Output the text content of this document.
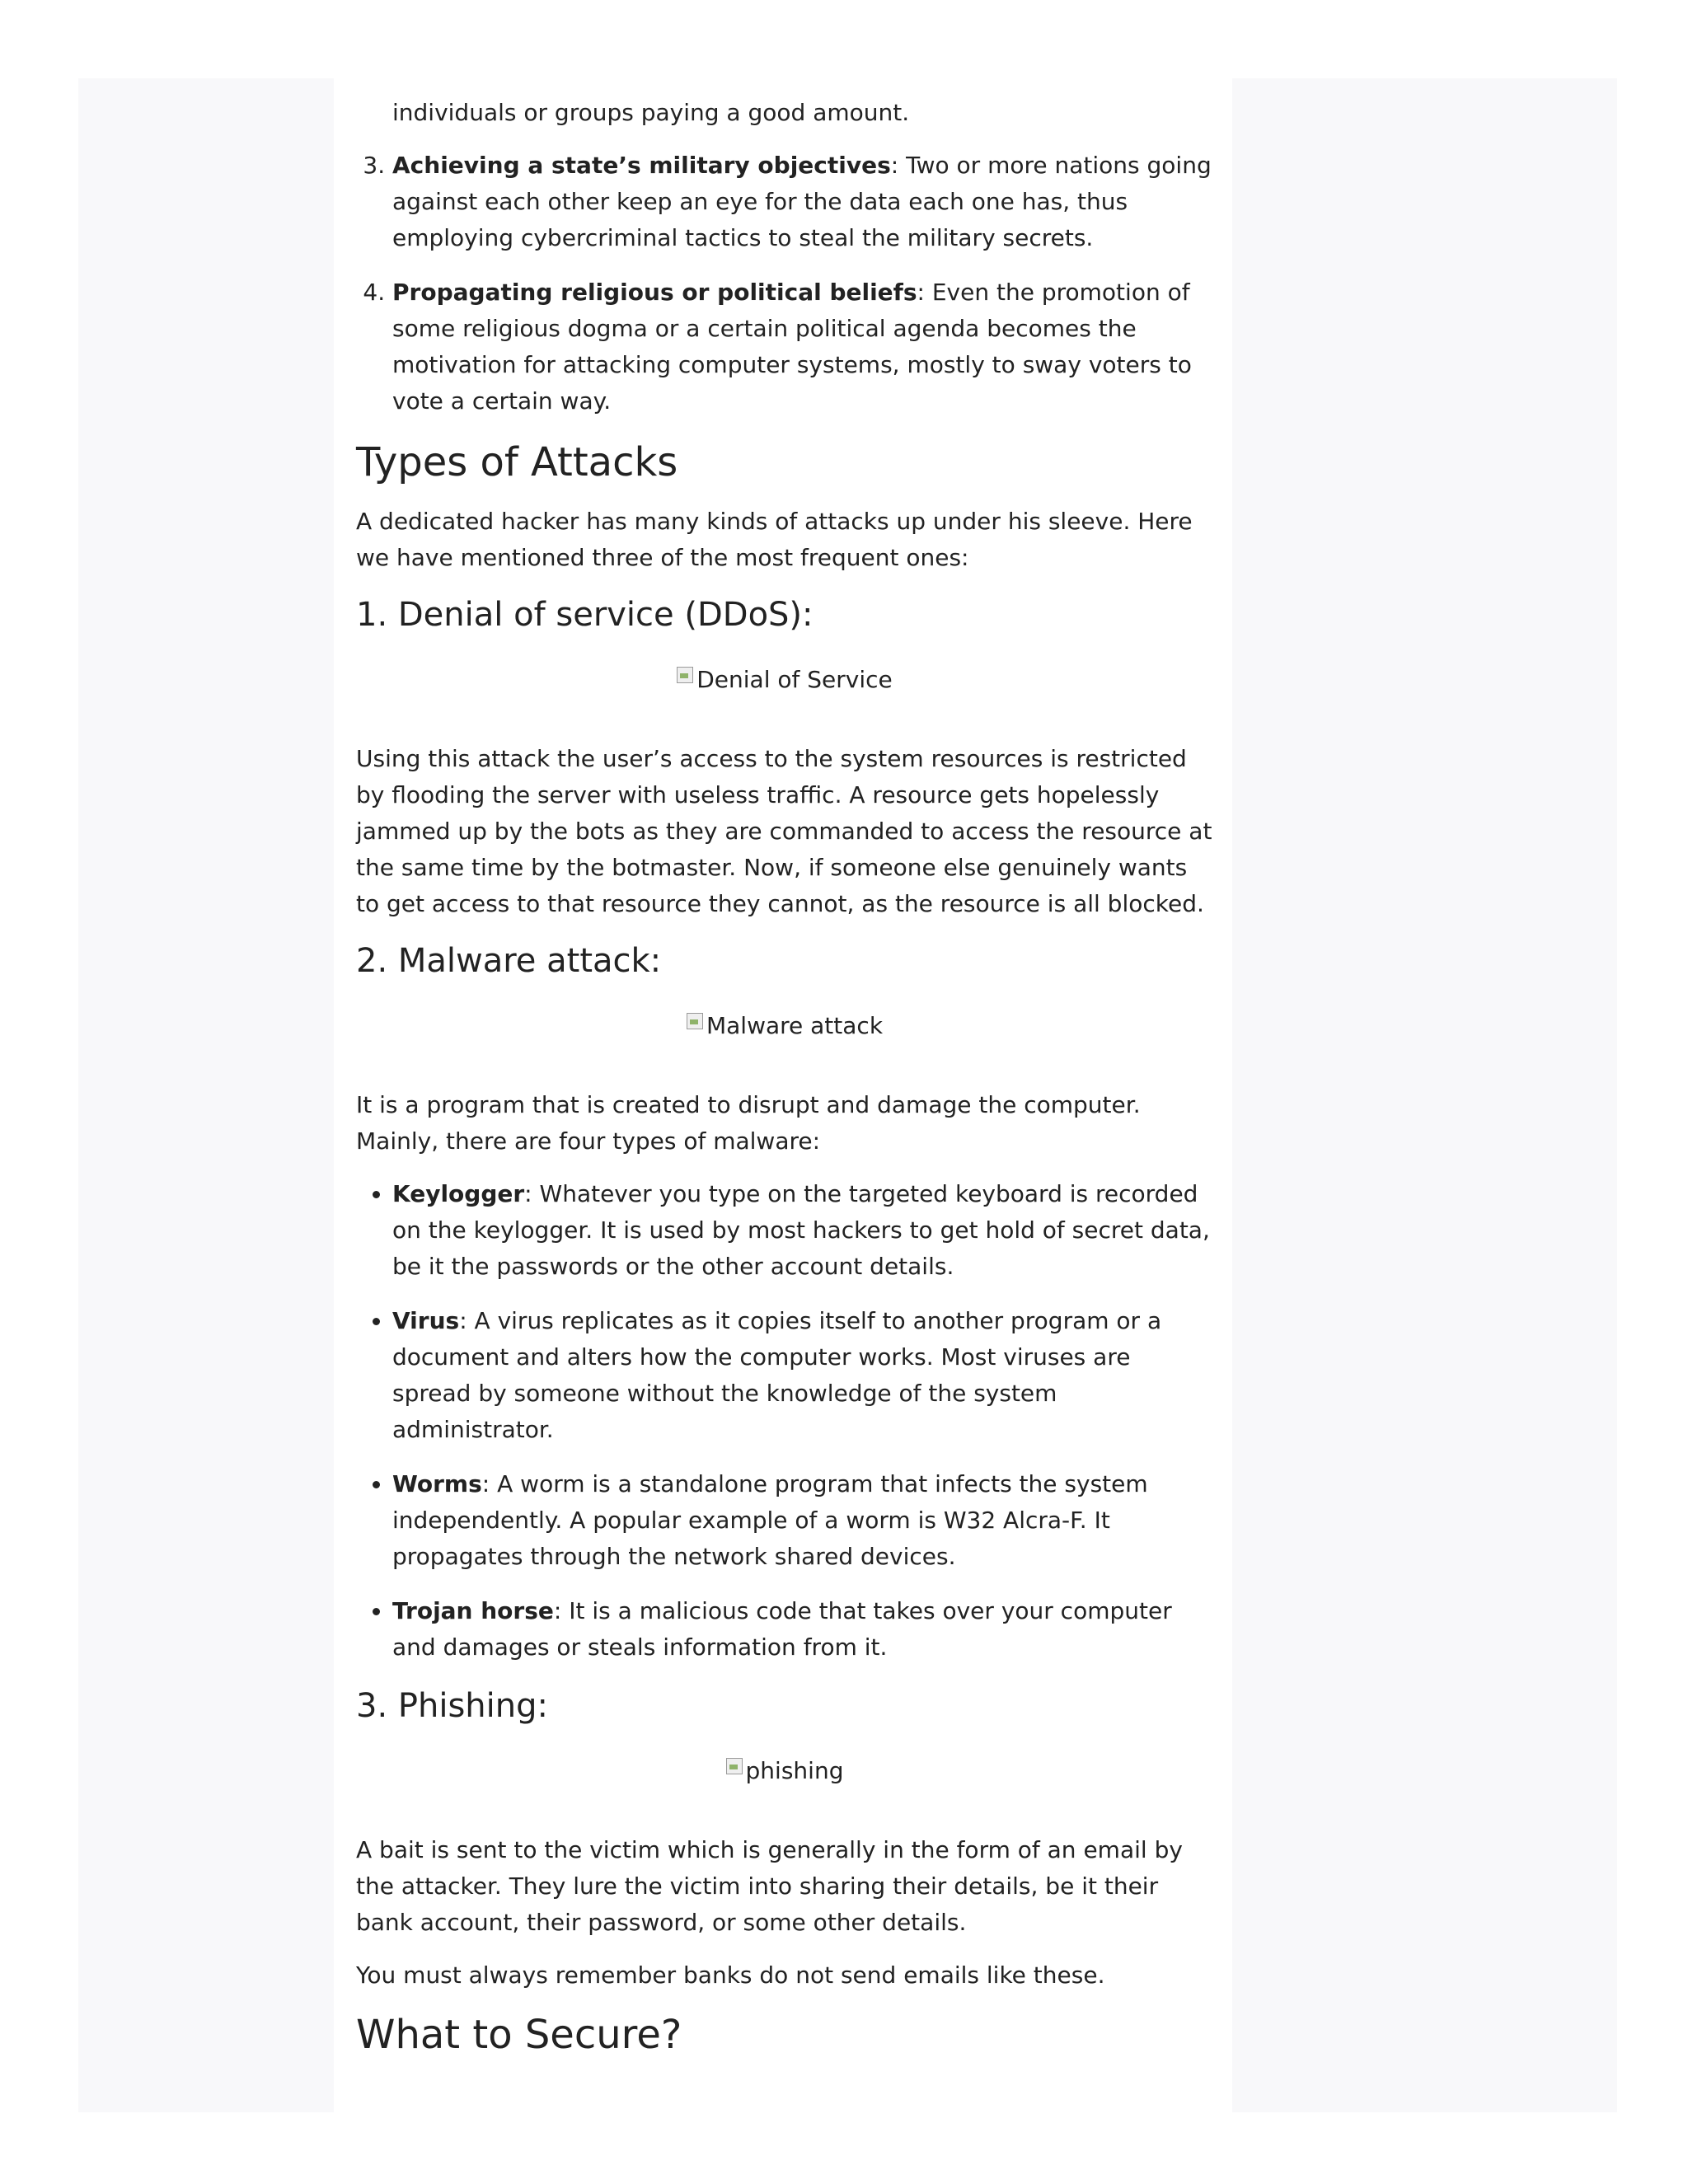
individuals or groups paying a good amount.

3. Achieving a state’s military objectives: Two or more nations going against each other keep an eye for the data each one has, thus employing cybercriminal tactics to steal the military secrets.
4. Propagating religious or political beliefs: Even the promotion of some religious dogma or a certain political agenda becomes the motivation for attacking computer systems, mostly to sway voters to vote a certain way.
Types of Attacks

A dedicated hacker has many kinds of attacks up under his sleeve. Here we have mentioned three of the most frequent ones:

1. Denial of service (DDoS):
Denial of Service

Using this attack the user’s access to the system resources is restricted by flooding the server with useless traffic. A resource gets hopelessly jammed up by the bots as they are commanded to access the resource at the same time by the botmaster. Now, if someone else genuinely wants to get access to that resource they cannot, as the resource is all blocked.

2. Malware attack:
Malware attack

It is a program that is created to disrupt and damage the computer. Mainly, there are four types of malware:

• Keylogger: Whatever you type on the targeted keyboard is recorded on the keylogger. It is used by most hackers to get hold of secret data, be it the passwords or the other account details.
• Virus: A virus replicates as it copies itself to another program or a document and alters how the computer works. Most viruses are spread by someone without the knowledge of the system administrator.
• Worms: A worm is a standalone program that infects the system independently. A popular example of a worm is W32 Alcra-F. It propagates through the network shared devices.
• Trojan horse: It is a malicious code that takes over your computer and damages or steals information from it.
3. Phishing:
phishing

A bait is sent to the victim which is generally in the form of an email by the attacker. They lure the victim into sharing their details, be it their bank account, their password, or some other details.

You must always remember banks do not send emails like these.

What to Secure?
